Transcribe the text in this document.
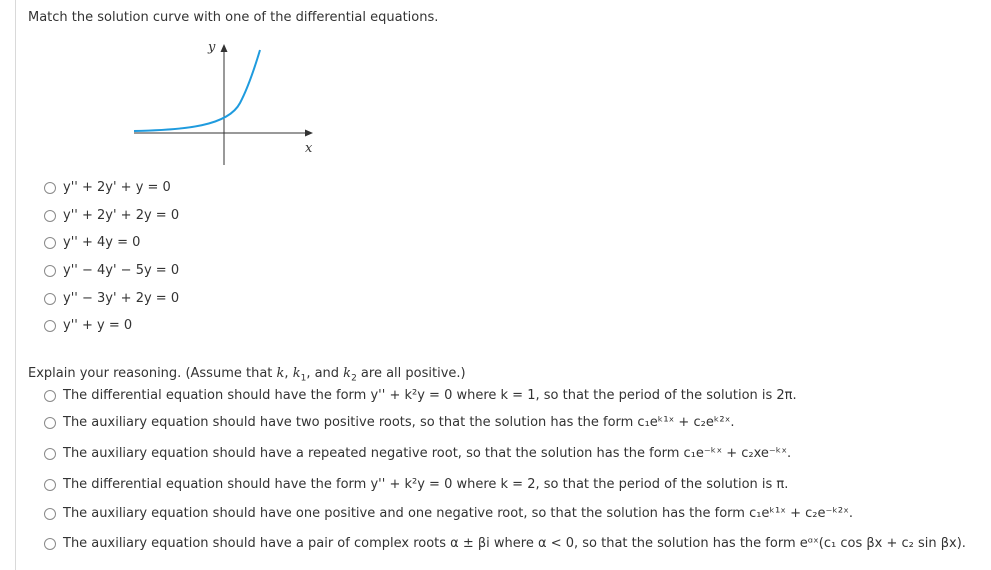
Match the solution curve with one of the differential equations.
y
x
y'' + 2y' + y = 0
y'' + 2y' + 2y = 0
y'' + 4y = 0
y'' − 4y' − 5y = 0
y'' − 3y' + 2y = 0
y'' + y = 0
Explain your reasoning. (Assume that k, $k_1$, and $k_2$ are all positive.)
The differential equation should have the form y'' + k²y = 0 where k = 1, so that the period of the solution is 2π.
The auxiliary equation should have two positive roots, so that the solution has the form c₁eᵏ¹ˣ + c₂eᵏ²ˣ.
The auxiliary equation should have a repeated negative root, so that the solution has the form c₁e⁻ᵏˣ + c₂xe⁻ᵏˣ.
The differential equation should have the form y'' + k²y = 0 where k = 2, so that the period of the solution is π.
The auxiliary equation should have one positive and one negative root, so that the solution has the form c₁eᵏ¹ˣ + c₂e⁻ᵏ²ˣ.
The auxiliary equation should have a pair of complex roots α ± βi where α < 0, so that the solution has the form eᵅˣ(c₁ cos βx + c₂ sin βx).
